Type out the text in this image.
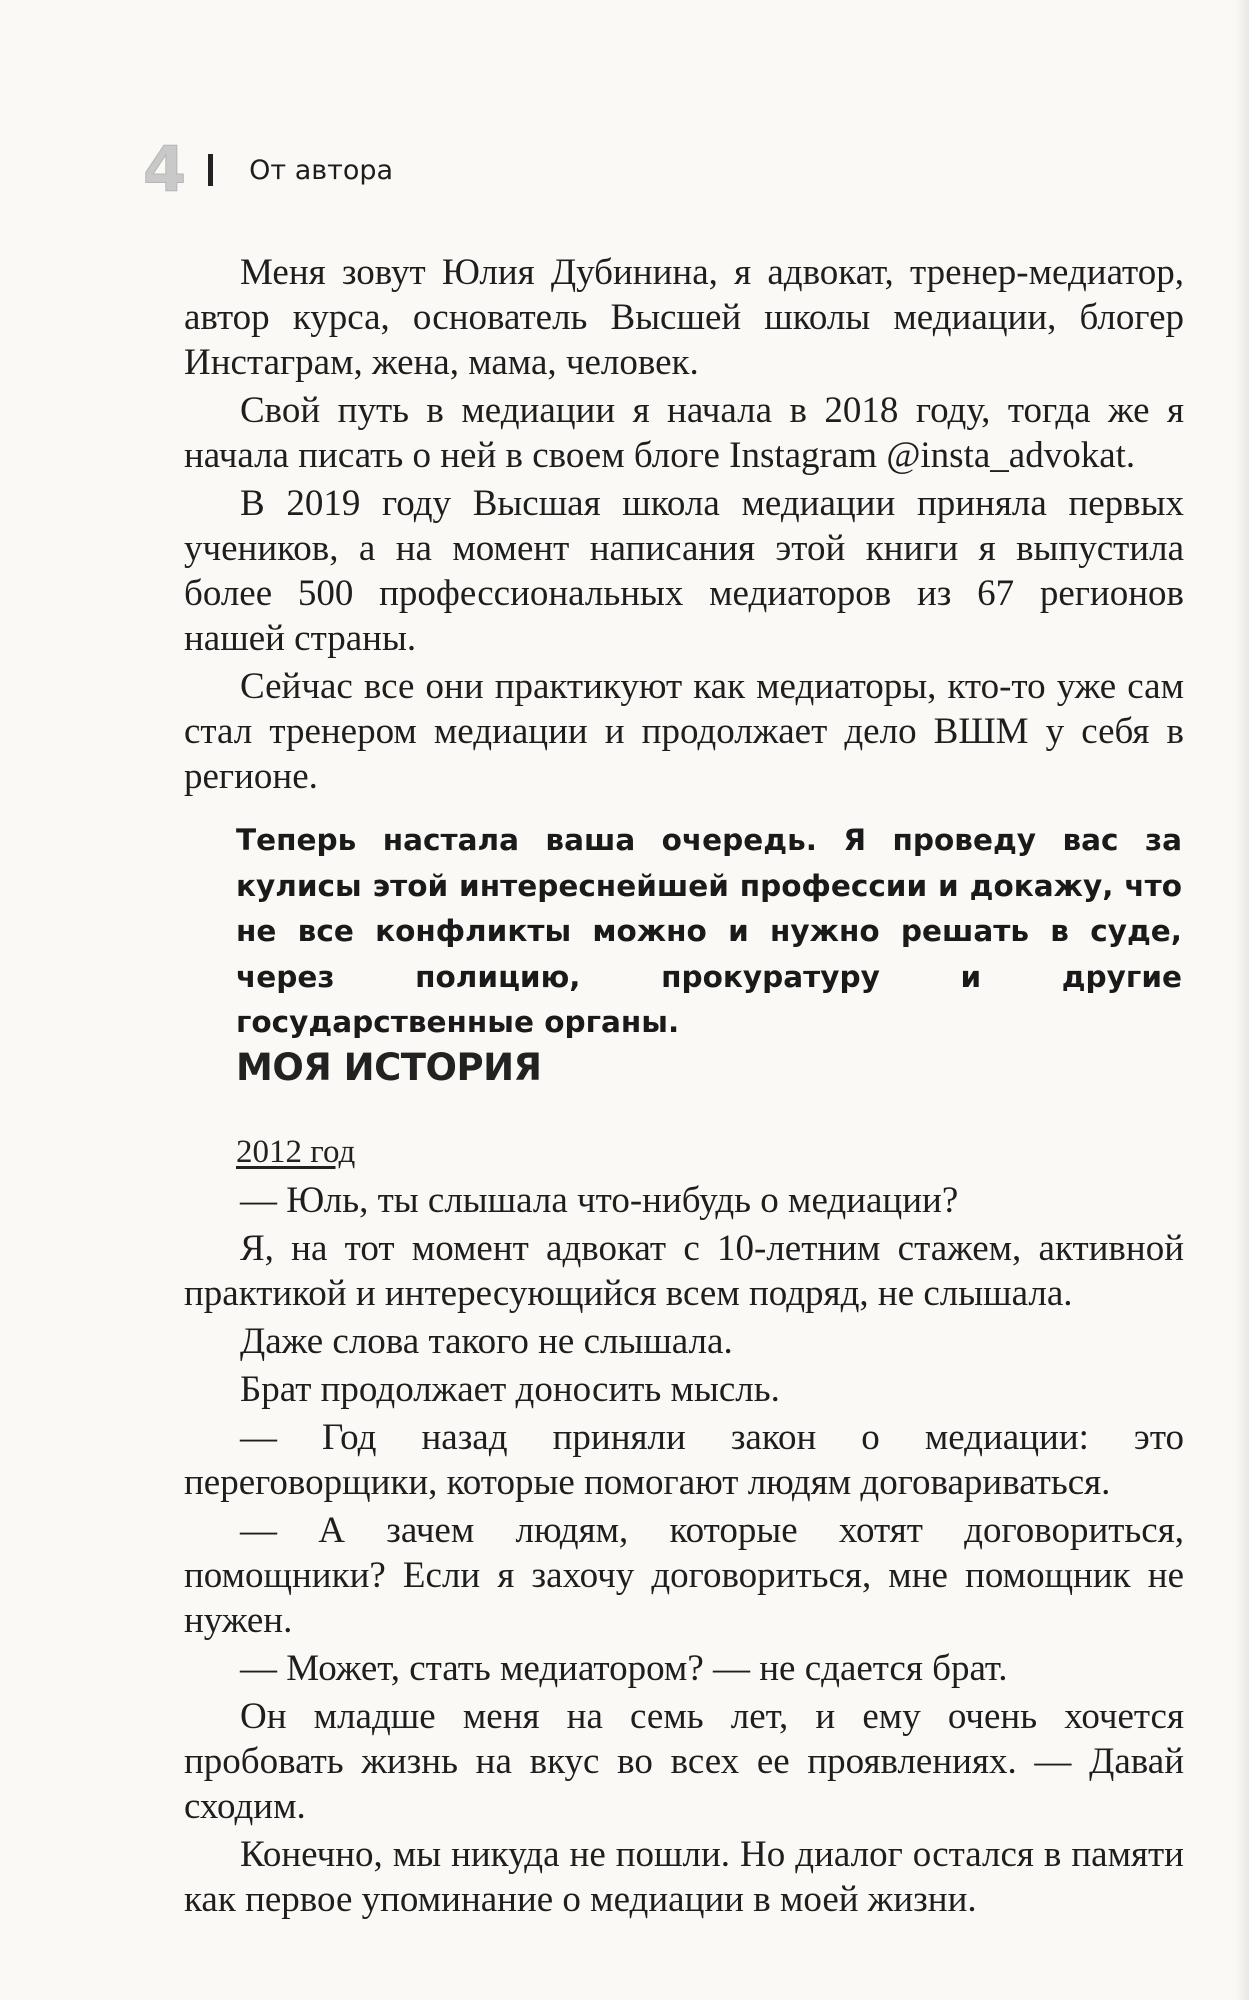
4 От автора

Меня зовут Юлия Дубинина, я адвокат, тренер-медиатор, автор курса, основатель Высшей школы медиации, блогер Инстаграм, жена, мама, человек.

Свой путь в медиации я начала в 2018 году, тогда же я начала писать о ней в своем блоге Instagram @insta_advokat.

В 2019 году Высшая школа медиации приняла первых учеников, а на момент написания этой книги я выпустила более 500 профессиональных медиаторов из 67 регионов нашей страны.

Сейчас все они практикуют как медиаторы, кто-то уже сам стал тренером медиации и продолжает дело ВШМ у себя в регионе.

Теперь настала ваша очередь. Я проведу вас за кулисы этой интереснейшей профессии и докажу, что не все конфликты можно и нужно решать в суде, через полицию, прокуратуру и другие государственные органы.
МОЯ ИСТОРИЯ
2012 год

— Юль, ты слышала что-нибудь о медиации?

Я, на тот момент адвокат с 10-летним стажем, активной практикой и интересующийся всем подряд, не слышала.

Даже слова такого не слышала.

Брат продолжает доносить мысль.

— Год назад приняли закон о медиации: это переговорщики, которые помогают людям договариваться.

— А зачем людям, которые хотят договориться, помощники? Если я захочу договориться, мне помощник не нужен.

— Может, стать медиатором? — не сдается брат.

Он младше меня на семь лет, и ему очень хочется пробовать жизнь на вкус во всех ее проявлениях. — Давай сходим.

Конечно, мы никуда не пошли. Но диалог остался в памяти как первое упоминание о медиации в моей жизни.
